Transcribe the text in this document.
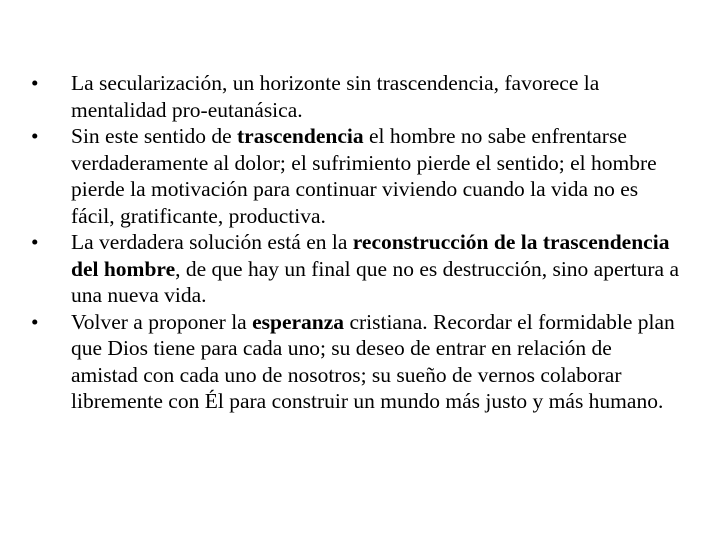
•	La secularización, un horizonte sin trascendencia, favorece la mentalidad pro-eutanásica.
•	Sin este sentido de trascendencia el hombre no sabe enfrentarse verdaderamente al dolor; el sufrimiento pierde el sentido; el hombre pierde la motivación para continuar viviendo cuando la vida no es fácil, gratificante, productiva.
•	La verdadera solución está en la reconstrucción de la trascendencia del hombre, de que hay un final que no es destrucción, sino apertura a una nueva vida.
•	Volver a proponer la esperanza cristiana. Recordar el formidable plan que Dios tiene para cada uno; su deseo de entrar en relación de amistad con cada uno de nosotros; su sueño de vernos colaborar libremente con Él para construir un mundo más justo y más humano.
